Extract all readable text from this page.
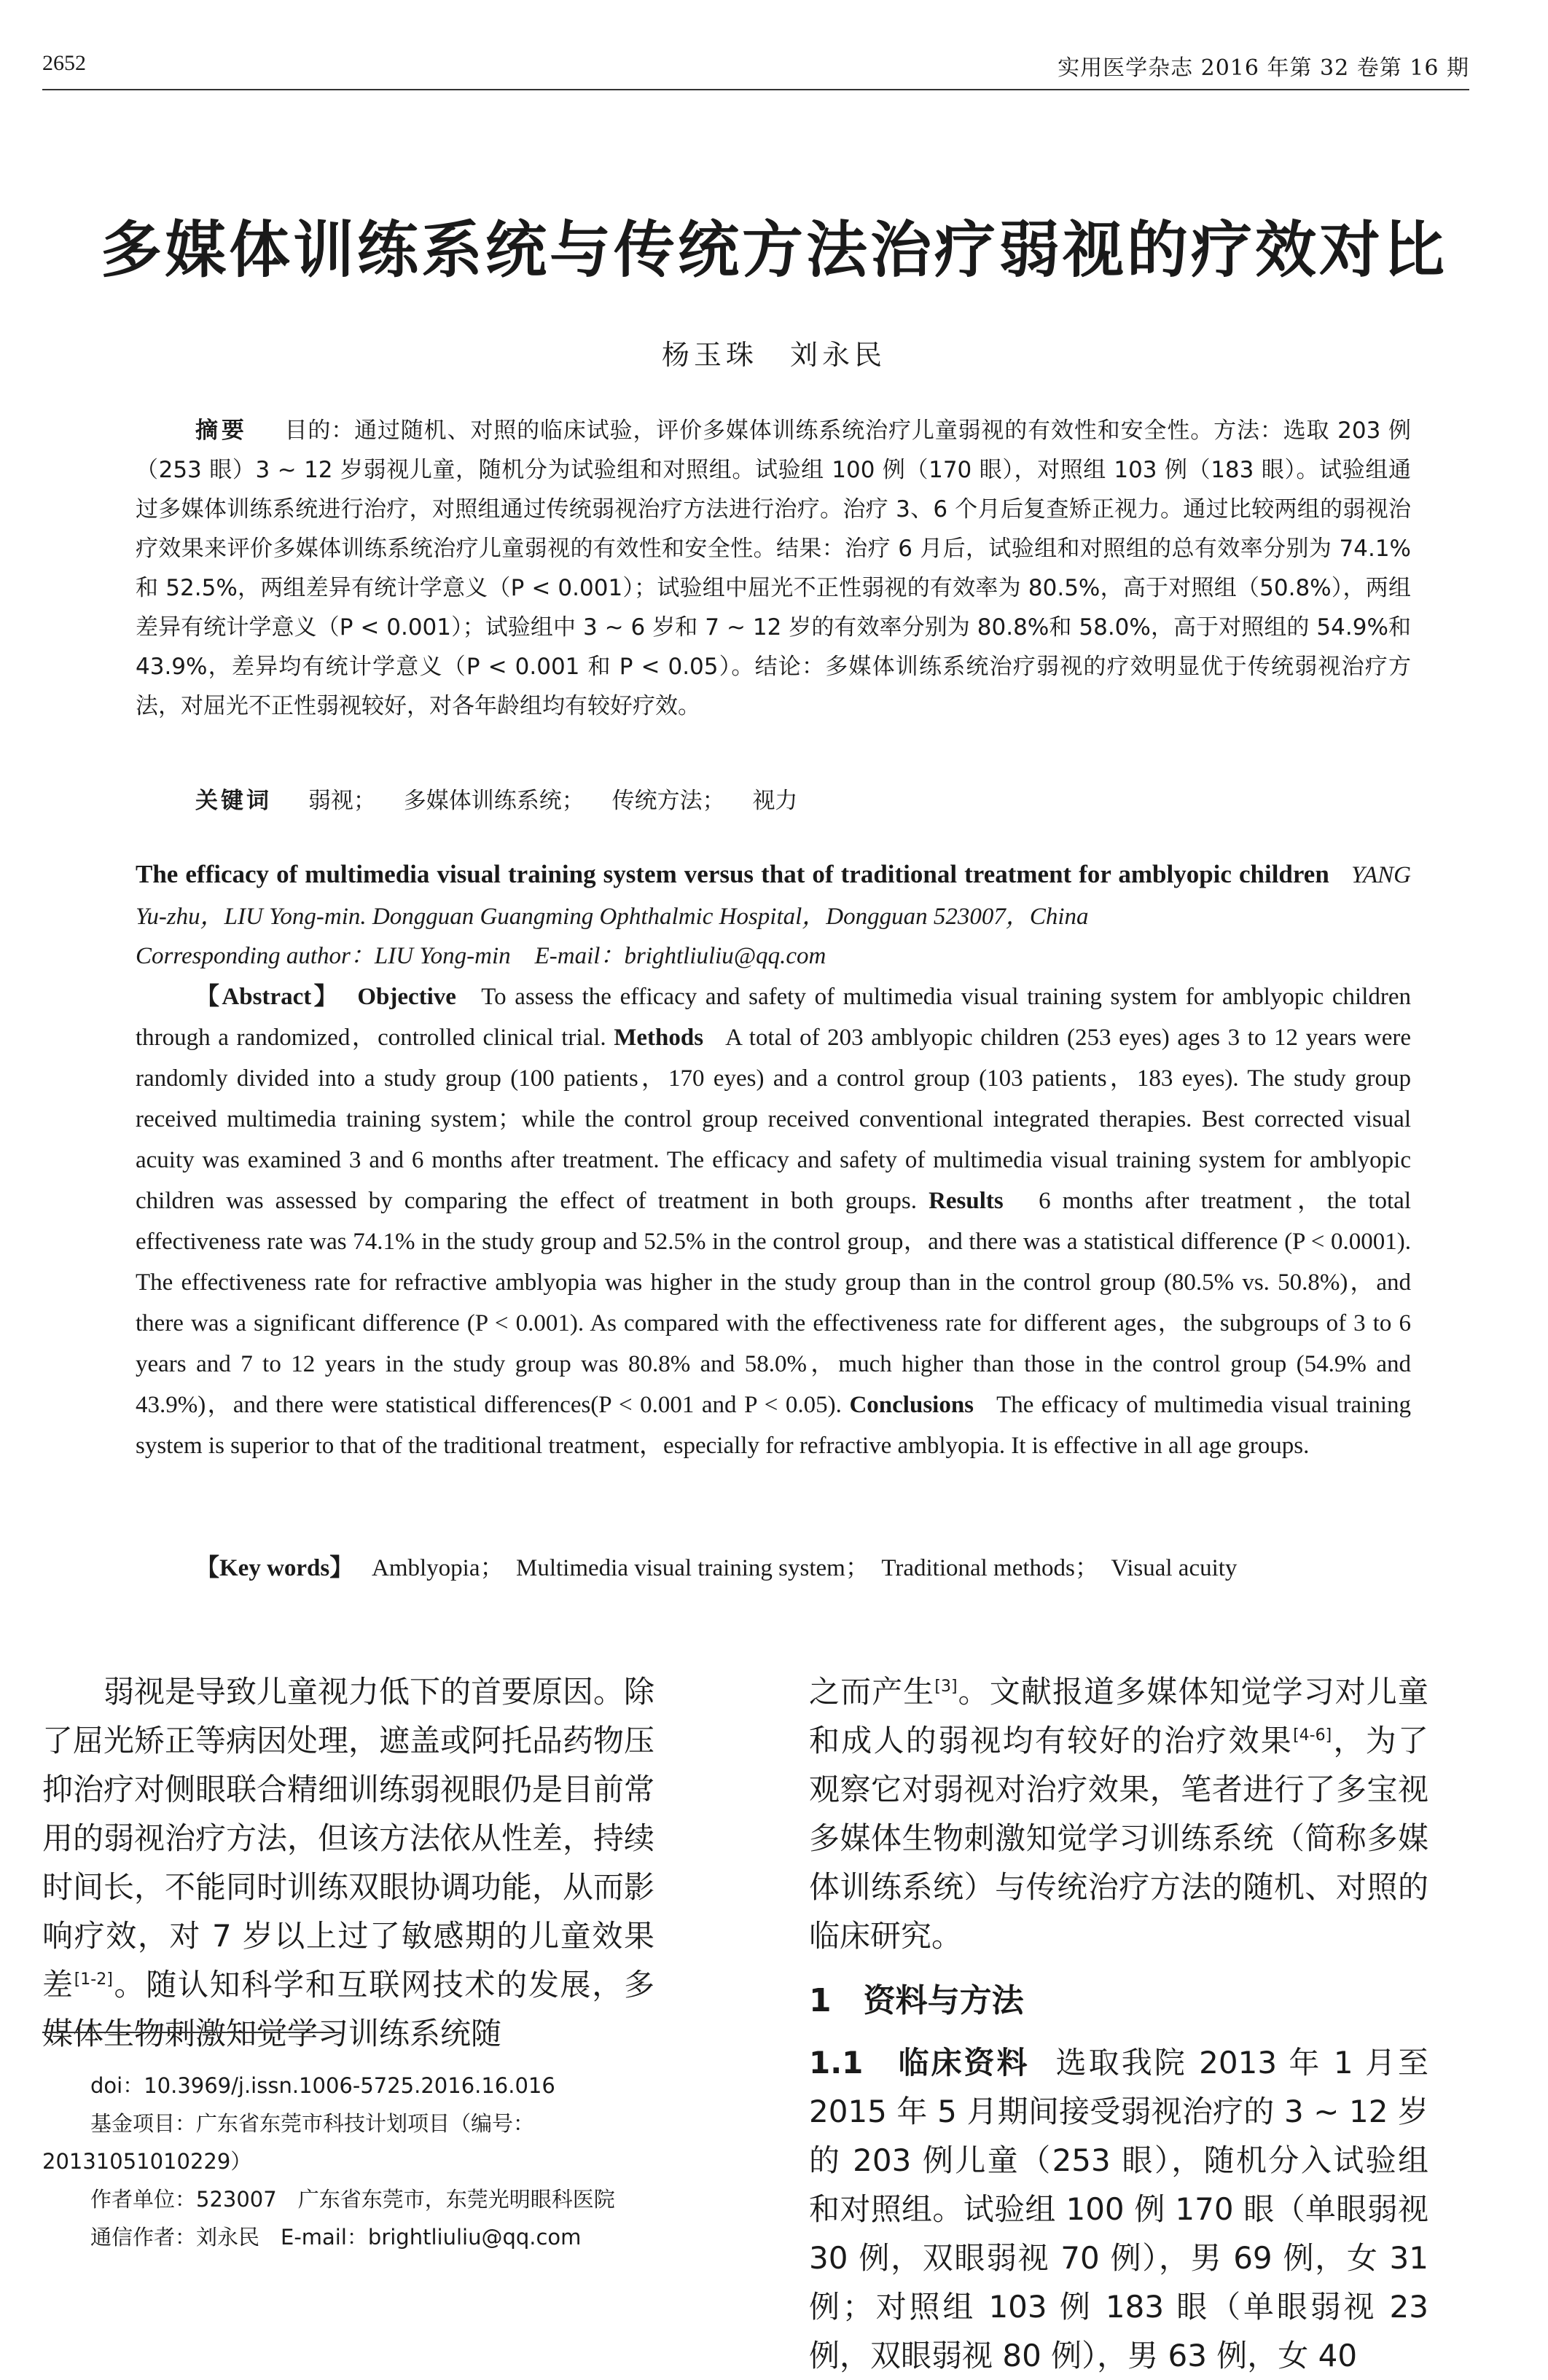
2652	实用医学杂志 2016 年第 32 卷第 16 期
多媒体训练系统与传统方法治疗弱视的疗效对比
杨玉珠　刘永民
摘要 目的：通过随机、对照的临床试验，评价多媒体训练系统治疗儿童弱视的有效性和安全性。方法：选取 203 例（253 眼）3 ~ 12 岁弱视儿童，随机分为试验组和对照组。试验组 100 例（170 眼），对照组 103 例（183 眼）。试验组通过多媒体训练系统进行治疗，对照组通过传统弱视治疗方法进行治疗。治疗 3、6 个月后复查矫正视力。通过比较两组的弱视治疗效果来评价多媒体训练系统治疗儿童弱视的有效性和安全性。结果：治疗 6 月后，试验组和对照组的总有效率分别为 74.1%和 52.5%，两组差异有统计学意义（P < 0.001）；试验组中屈光不正性弱视的有效率为 80.5%，高于对照组（50.8%），两组差异有统计学意义（P < 0.001）；试验组中 3 ~ 6 岁和 7 ~ 12 岁的有效率分别为 80.8%和 58.0%，高于对照组的 54.9%和 43.9%，差异均有统计学意义（P < 0.001 和 P < 0.05）。结论：多媒体训练系统治疗弱视的疗效明显优于传统弱视治疗方法，对屈光不正性弱视较好，对各年龄组均有较好疗效。
关键词 弱视； 多媒体训练系统； 传统方法； 视力
The efficacy of multimedia visual training system versus that of traditional treatment for amblyopic children YANG Yu-zhu，LIU Yong-min. Dongguan Guangming Ophthalmic Hospital，Dongguan 523007，China
Corresponding author：LIU Yong-min　E-mail：brightliuliu@qq.com
【Abstract】 Objective To assess the efficacy and safety of multimedia visual training system for amblyopic children through a randomized，controlled clinical trial. Methods A total of 203 amblyopic children (253 eyes) ages 3 to 12 years were randomly divided into a study group (100 patients，170 eyes) and a control group (103 patients，183 eyes). The study group received multimedia training system；while the control group received conventional integrated therapies. Best corrected visual acuity was examined 3 and 6 months after treatment. The efficacy and safety of multimedia visual training system for amblyopic children was assessed by comparing the effect of treatment in both groups. Results 6 months after treatment，the total effectiveness rate was 74.1% in the study group and 52.5% in the control group，and there was a statistical difference (P < 0.0001). The effectiveness rate for refractive amblyopia was higher in the study group than in the control group (80.5% vs. 50.8%)，and there was a significant difference (P < 0.001). As compared with the effectiveness rate for different ages，the subgroups of 3 to 6 years and 7 to 12 years in the study group was 80.8% and 58.0%，much higher than those in the control group (54.9% and 43.9%)，and there were statistical differences(P < 0.001 and P < 0.05). Conclusions The efficacy of multimedia visual training system is superior to that of the traditional treatment，especially for refractive amblyopia. It is effective in all age groups.
【Key words】 Amblyopia；　Multimedia visual training system；　Traditional methods；　Visual acuity

弱视是导致儿童视力低下的首要原因。除了屈光矫正等病因处理，遮盖或阿托品药物压抑治疗对侧眼联合精细训练弱视眼仍是目前常用的弱视治疗方法，但该方法依从性差，持续时间长，不能同时训练双眼协调功能，从而影响疗效，对 7 岁以上过了敏感期的儿童效果差[1-2]。随认知科学和互联网技术的发展，多媒体生物刺激知觉学习训练系统随

doi：10.3969/j.issn.1006-5725.2016.16.016
基金项目：广东省东莞市科技计划项目（编号：
20131051010229）
作者单位：523007　广东省东莞市，东莞光明眼科医院
通信作者：刘永民　E-mail：brightliuliu@qq.com

之而产生[3]。文献报道多媒体知觉学习对儿童和成人的弱视均有较好的治疗效果[4-6]，为了观察它对弱视对治疗效果，笔者进行了多宝视多媒体生物刺激知觉学习训练系统（简称多媒体训练系统）与传统治疗方法的随机、对照的临床研究。

1　资料与方法

1.1　临床资料 选取我院 2013 年 1 月至 2015 年 5 月期间接受弱视治疗的 3 ~ 12 岁的 203 例儿童（253 眼），随机分入试验组和对照组。试验组 100 例 170 眼（单眼弱视 30 例，双眼弱视 70 例），男 69 例，女 31 例；对照组 103 例 183 眼（单眼弱视 23 例，双眼弱视 80 例），男 63 例，女 40
